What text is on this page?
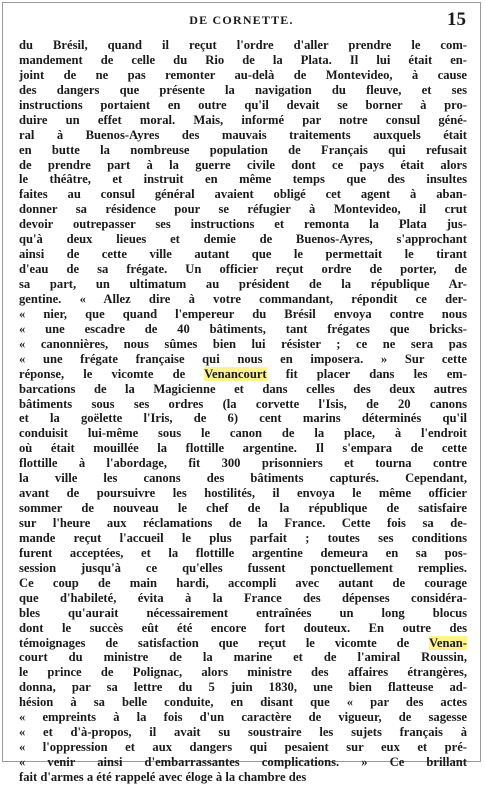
DE CORNETTE.	15
du Brésil, quand il reçut l'ordre d'aller prendre le com-
mandement de celle du Rio de la Plata. Il lui était en-
joint de ne pas remonter au-delà de Montevideo, à cause
des dangers que présente la navigation du fleuve, et ses
instructions portaient en outre qu'il devait se borner à pro-
duire un effet moral. Mais, informé par notre consul géné-
ral à Buenos-Ayres des mauvais traitements auxquels était
en butte la nombreuse population de Français qui refusait
de prendre part à la guerre civile dont ce pays était alors
le théâtre, et instruit en même temps que des insultes
faites au consul général avaient obligé cet agent à aban-
donner sa résidence pour se réfugier à Montevideo, il crut
devoir outrepasser ses instructions et remonta la Plata jus-
qu'à deux lieues et demie de Buenos-Ayres, s'approchant
ainsi de cette ville autant que le permettait le tirant
d'eau de sa frégate. Un officier reçut ordre de porter, de
sa part, un ultimatum au président de la république Ar-
gentine. « Allez dire à votre commandant, répondit ce der-
« nier, que quand l'empereur du Brésil envoya contre nous
« une escadre de 40 bâtiments, tant frégates que bricks-
« canonnières, nous sûmes bien lui résister ; ce ne sera pas
« une frégate française qui nous en imposera. » Sur cette
réponse, le vicomte de Venancourt fit placer dans les em-
barcations de la Magicienne et dans celles des deux autres
bâtiments sous ses ordres (la corvette l'Isis, de 20 canons
et la goëlette l'Iris, de 6) cent marins déterminés qu'il
conduisit lui-même sous le canon de la place, à l'endroit
où était mouillée la flottille argentine. Il s'empara de cette
flottille à l'abordage, fit 300 prisonniers et tourna contre
la ville les canons des bâtiments capturés. Cependant,
avant de poursuivre les hostilités, il envoya le même officier
sommer de nouveau le chef de la république de satisfaire
sur l'heure aux réclamations de la France. Cette fois sa de-
mande reçut l'accueil le plus parfait ; toutes ses conditions
furent acceptées, et la flottille argentine demeura en sa pos-
session jusqu'à ce qu'elles fussent ponctuellement remplies.
Ce coup de main hardi, accompli avec autant de courage
que d'habileté, évita à la France des dépenses considéra-
bles qu'aurait nécessairement entraînées un long blocus
dont le succès eût été encore fort douteux. En outre des
témoignages de satisfaction que reçut le vicomte de Venan-
court du ministre de la marine et de l'amiral Roussin,
le prince de Polignac, alors ministre des affaires étrangères,
donna, par sa lettre du 5 juin 1830, une bien flatteuse ad-
hésion à sa belle conduite, en disant que « par des actes
« empreints à la fois d'un caractère de vigueur, de sagesse
« et d'à-propos, il avait su soustraire les sujets français à
« l'oppression et aux dangers qui pesaient sur eux et pré-
« venir ainsi d'embarrassantes complications. » Ce brillant
fait d'armes a été rappelé avec éloge à la chambre des
